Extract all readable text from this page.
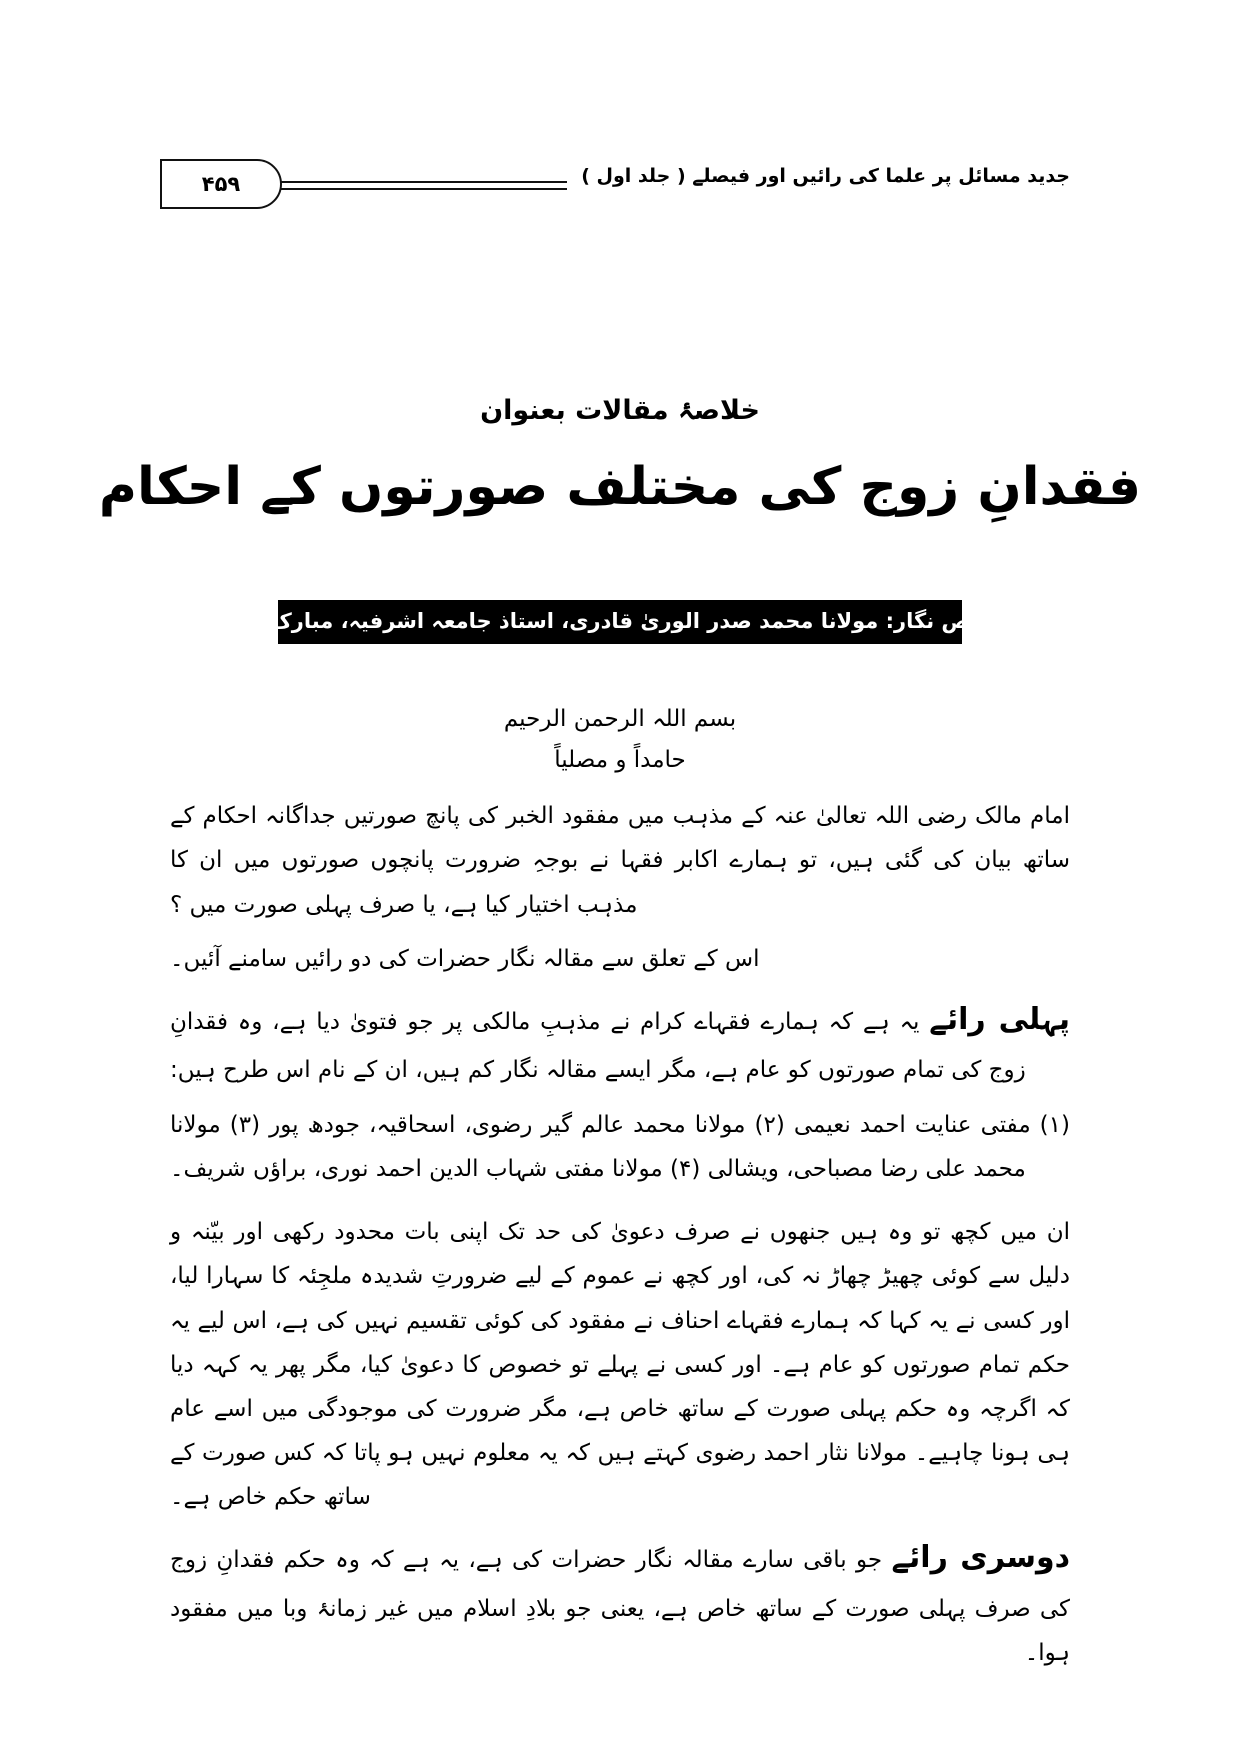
جدید مسائل پر علما کی رائیں اور فیصلے ( جلد اول )
۴۵۹
خلاصۂ مقالات بعنوان
فقدانِ زوج کی مختلف صورتوں کے احکام
تلخیص نگار: مولانا محمد صدر الوریٰ قادری، استاذ جامعہ اشرفیہ، مبارک پور
بسم اللہ الرحمن الرحیم
حامداً و مصلیاً
امام مالک رضی اللہ تعالیٰ عنہ کے مذہب میں مفقود الخبر کی پانچ صورتیں جداگانہ احکام کے ساتھ بیان کی گئی ہیں، تو ہمارے اکابر فقہا نے بوجہِ ضرورت پانچوں صورتوں میں ان کا مذہب اختیار کیا ہے، یا صرف پہلی صورت میں ؟
اس کے تعلق سے مقالہ نگار حضرات کی دو رائیں سامنے آئیں۔
پہلی رائے یہ ہے کہ ہمارے فقہاے کرام نے مذہبِ مالکی پر جو فتویٰ دیا ہے، وہ فقدانِ زوج کی تمام صورتوں کو عام ہے، مگر ایسے مقالہ نگار کم ہیں، ان کے نام اس طرح ہیں:
(۱) مفتی عنایت احمد نعیمی (۲) مولانا محمد عالم گیر رضوی، اسحاقیہ، جودھ پور (۳) مولانا محمد علی رضا مصباحی، ویشالی (۴) مولانا مفتی شہاب الدین احمد نوری، براؤں شریف۔
ان میں کچھ تو وہ ہیں جنھوں نے صرف دعویٰ کی حد تک اپنی بات محدود رکھی اور بیّنہ و دلیل سے کوئی چھیڑ چھاڑ نہ کی، اور کچھ نے عموم کے لیے ضرورتِ شدیدہ ملجِئہ کا سہارا لیا، اور کسی نے یہ کہا کہ ہمارے فقہاے احناف نے مفقود کی کوئی تقسیم نہیں کی ہے، اس لیے یہ حکم تمام صورتوں کو عام ہے۔ اور کسی نے پہلے تو خصوص کا دعویٰ کیا، مگر پھر یہ کہہ دیا کہ اگرچہ وہ حکم پہلی صورت کے ساتھ خاص ہے، مگر ضرورت کی موجودگی میں اسے عام ہی ہونا چاہیے۔ مولانا نثار احمد رضوی کہتے ہیں کہ یہ معلوم نہیں ہو پاتا کہ کس صورت کے ساتھ حکم خاص ہے۔
دوسری رائے جو باقی سارے مقالہ نگار حضرات کی ہے، یہ ہے کہ وہ حکم فقدانِ زوج کی صرف پہلی صورت کے ساتھ خاص ہے، یعنی جو بلادِ اسلام میں غیر زمانۂ وبا میں مفقود ہوا۔
